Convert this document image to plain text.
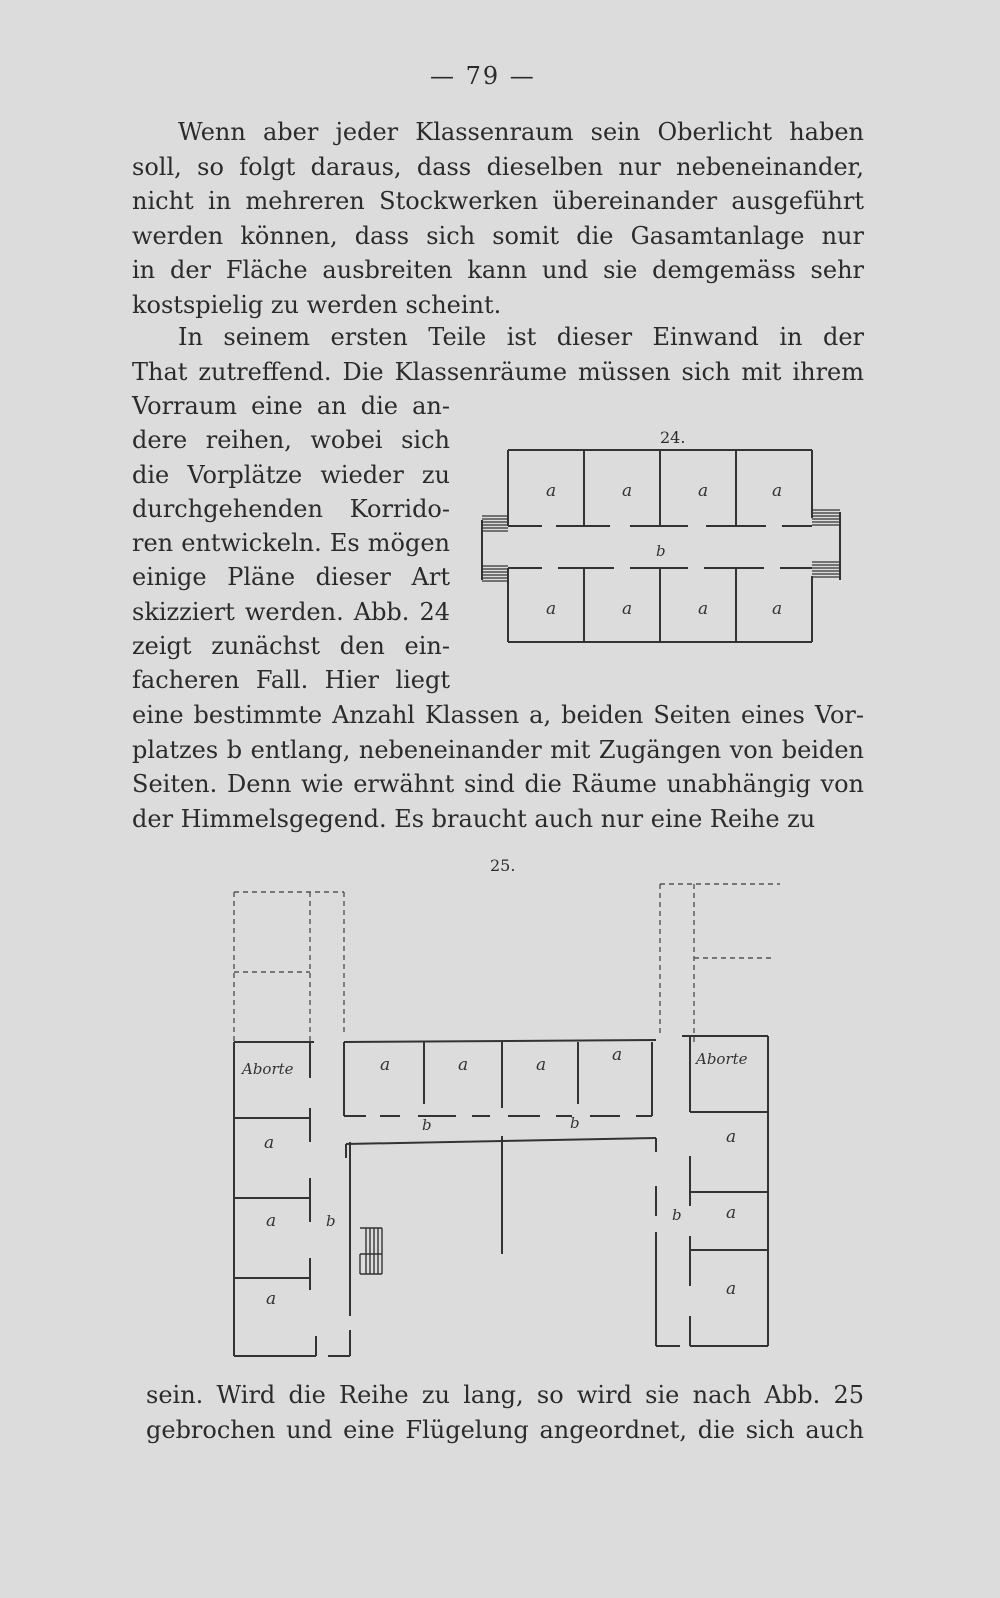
— 79 —
Wenn aber jeder Klassenraum sein Oberlicht haben
soll, so folgt daraus, dass dieselben nur nebeneinander,
nicht in mehreren Stockwerken übereinander ausgeführt
werden können, dass sich somit die Gasamtanlage nur
in der Fläche ausbreiten kann und sie demgemäss sehr
kostspielig zu werden scheint.
In seinem ersten Teile ist dieser Einwand in der
That zutreffend. Die Klassenräume müssen sich mit ihrem
Vorraum eine an die an-
dere reihen, wobei sich
die Vorplätze wieder zu
durchgehenden Korrido-
ren entwickeln. Es mögen
einige Pläne dieser Art
skizziert werden. Abb. 24
zeigt zunächst den ein-
facheren Fall. Hier liegt
eine bestimmte Anzahl Klassen a, beiden Seiten eines Vor-
platzes b entlang, nebeneinander mit Zugängen von beiden
Seiten. Denn wie erwähnt sind die Räume unabhängig von
der Himmelsgegend. Es braucht auch nur eine Reihe zu
24.
a	a	a	a
b
a	a	a	a
25.
Aborte
a
a
a
b
a	a	a	a
b	b
Aborte
a
a
b
a
sein. Wird die Reihe zu lang, so wird sie nach Abb. 25
gebrochen und eine Flügelung angeordnet, die sich auch
